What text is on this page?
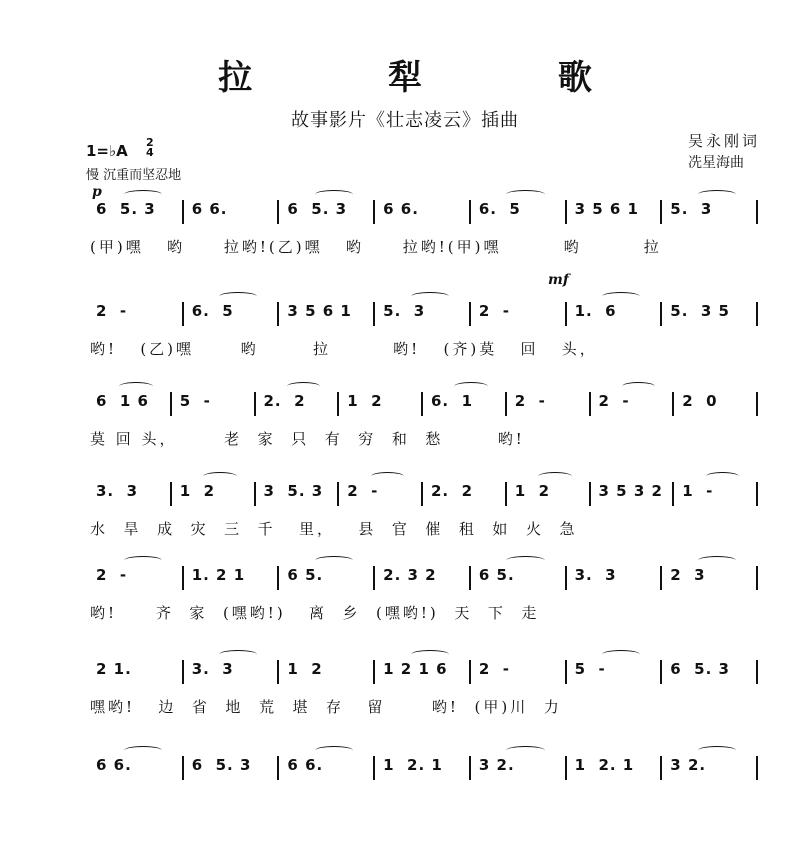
拉 犁 歌
故事影片《壮志凌云》插曲
吴永刚词
冼星海曲
1=♭A 2
4
慢 沉重而坚忍地
p
mf
6  5. 3	6 6.	6  5. 3	6 6.	6.  5	3 5 6 1	5.  3
(甲)嘿   哟     拉哟!(乙)嘿   哟     拉哟!(甲)嘿        哟        拉
2  -	6.  5	3 5 6 1	5.  3	2  -	1.  6	5.  3 5
哟!   (乙)嘿      哟       拉        哟!   (齐)莫   回   头，
6  1 6	5  -	2.  2	1  2	6.  1	2  -	2  -	2  0
莫 回 头，      老  家  只  有  穷  和  愁       哟!
3.  3	1  2	3  5. 3	2  -	2.  2	1  2	3 5 3 2	1  -
水  旱  成  灾  三  千   里，   县  官  催  租  如  火  急
2  -	1. 2 1	6 5.	2. 3 2	6 5.	3.  3	2  3
哟!     齐  家  (嘿哟!)   离  乡  (嘿哟!)  天  下  走
2 1.	3.  3	1  2	1 2 1 6	2  -	5  -	6  5. 3
嘿哟!   边  省  地  荒  堪  存   留      哟!  (甲)川  力
6 6.	6  5. 3	6 6.	1  2. 1	3 2.	1  2. 1	3 2.
